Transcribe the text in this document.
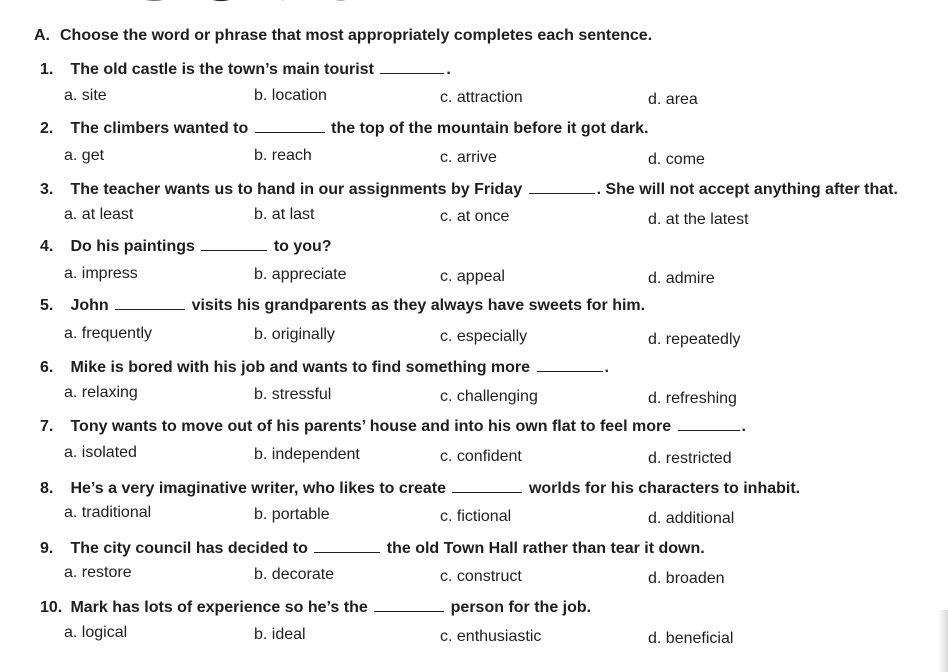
A. Choose the word or phrase that most appropriately completes each sentence.
1. The old castle is the town’s main tourist	.
a. site	b. location	c. attraction	d. area
2. The climbers wanted to	the top of the mountain before it got dark.
a. get	b. reach	c. arrive	d. come
3. The teacher wants us to hand in our assignments by Friday	. She will not accept anything after that.
a. at least	b. at last	c. at once	d. at the latest
4. Do his paintings	to you?
a. impress	b. appreciate	c. appeal	d. admire
5. John	visits his grandparents as they always have sweets for him.
a. frequently	b. originally	c. especially	d. repeatedly
6. Mike is bored with his job and wants to find something more	.
a. relaxing	b. stressful	c. challenging	d. refreshing
7. Tony wants to move out of his parents’ house and into his own flat to feel more	.
a. isolated	b. independent	c. confident	d. restricted
8. He’s a very imaginative writer, who likes to create	worlds for his characters to inhabit.
a. traditional	b. portable	c. fictional	d. additional
9. The city council has decided to	the old Town Hall rather than tear it down.
a. restore	b. decorate	c. construct	d. broaden
10. Mark has lots of experience so he’s the	person for the job.
a. logical	b. ideal	c. enthusiastic	d. beneficial
